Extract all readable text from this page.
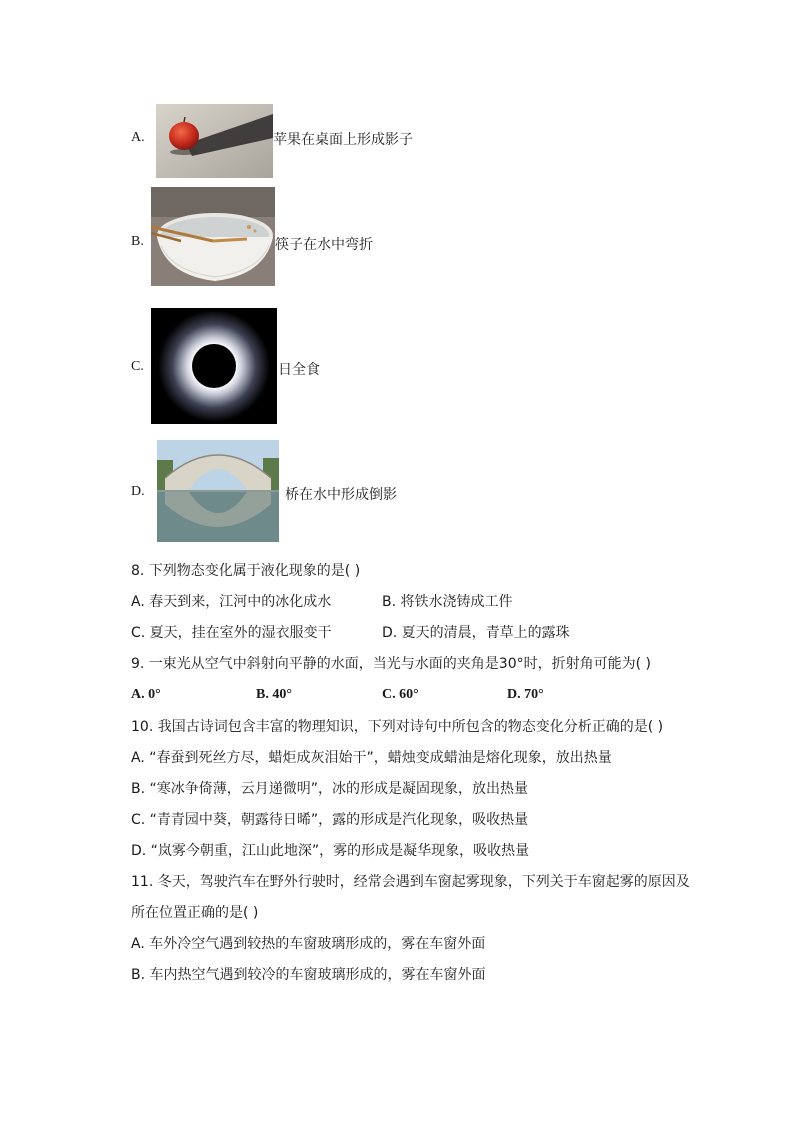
A.	苹果在桌面上形成影子
B.	筷子在水中弯折
C.	日全食
D.	桥在水中形成倒影
8. 下列物态变化属于液化现象的是( )
A. 春天到来，江河中的冰化成水	B. 将铁水浇铸成工件
C. 夏天，挂在室外的湿衣服变干	D. 夏天的清晨，青草上的露珠
9. 一束光从空气中斜射向平静的水面，当光与水面的夹角是30°时，折射角可能为( )
A. 0°	B. 40°	C. 60°	D. 70°
10. 我国古诗词包含丰富的物理知识，下列对诗句中所包含的物态变化分析正确的是( )
A. “春蚕到死丝方尽，蜡炬成灰泪始干”，蜡烛变成蜡油是熔化现象，放出热量
B. “寒冰争倚薄，云月递微明”，冰的形成是凝固现象，放出热量
C. “青青园中葵，朝露待日晞”，露的形成是汽化现象，吸收热量
D. “岚雾今朝重，江山此地深”，雾的形成是凝华现象，吸收热量
11. 冬天，驾驶汽车在野外行驶时，经常会遇到车窗起雾现象，下列关于车窗起雾的原因及
所在位置正确的是( )
A. 车外冷空气遇到较热的车窗玻璃形成的，雾在车窗外面
B. 车内热空气遇到较冷的车窗玻璃形成的，雾在车窗外面
